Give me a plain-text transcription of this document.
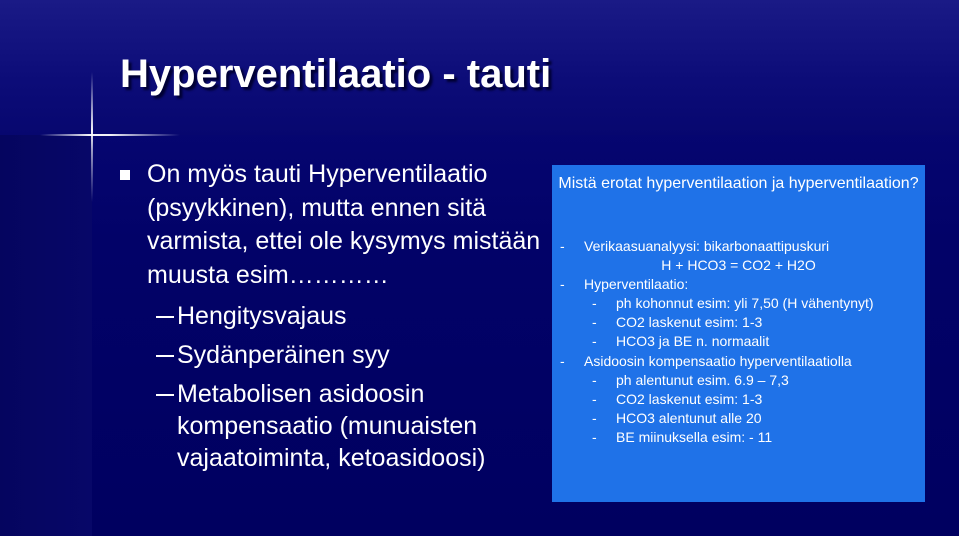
Hyperventilaatio - tauti
On myös tauti Hyperventilaatio (psyykkinen), mutta ennen sitä varmista, ettei ole kysymys mistään muusta esim…………
Hengitysvajaus
Sydänperäinen syy
Metabolisen asidoosin kompensaatio (munuaisten vajaatoiminta, ketoasidoosi)
Mistä erotat hyperventilaation ja hyperventilaation?
- Verikaasuanalyysi: bikarbonaattipuskuri
H + HCO3 = CO2 + H2O
- Hyperventilaatio:
- ph kohonnut esim: yli 7,50 (H vähentynyt)
- CO2 laskenut esim: 1-3
- HCO3 ja BE n. normaalit
- Asidoosin kompensaatio hyperventilaatiolla
- ph alentunut esim. 6.9 – 7,3
- CO2 laskenut esim: 1-3
- HCO3 alentunut alle 20
- BE miinuksella esim: - 11
